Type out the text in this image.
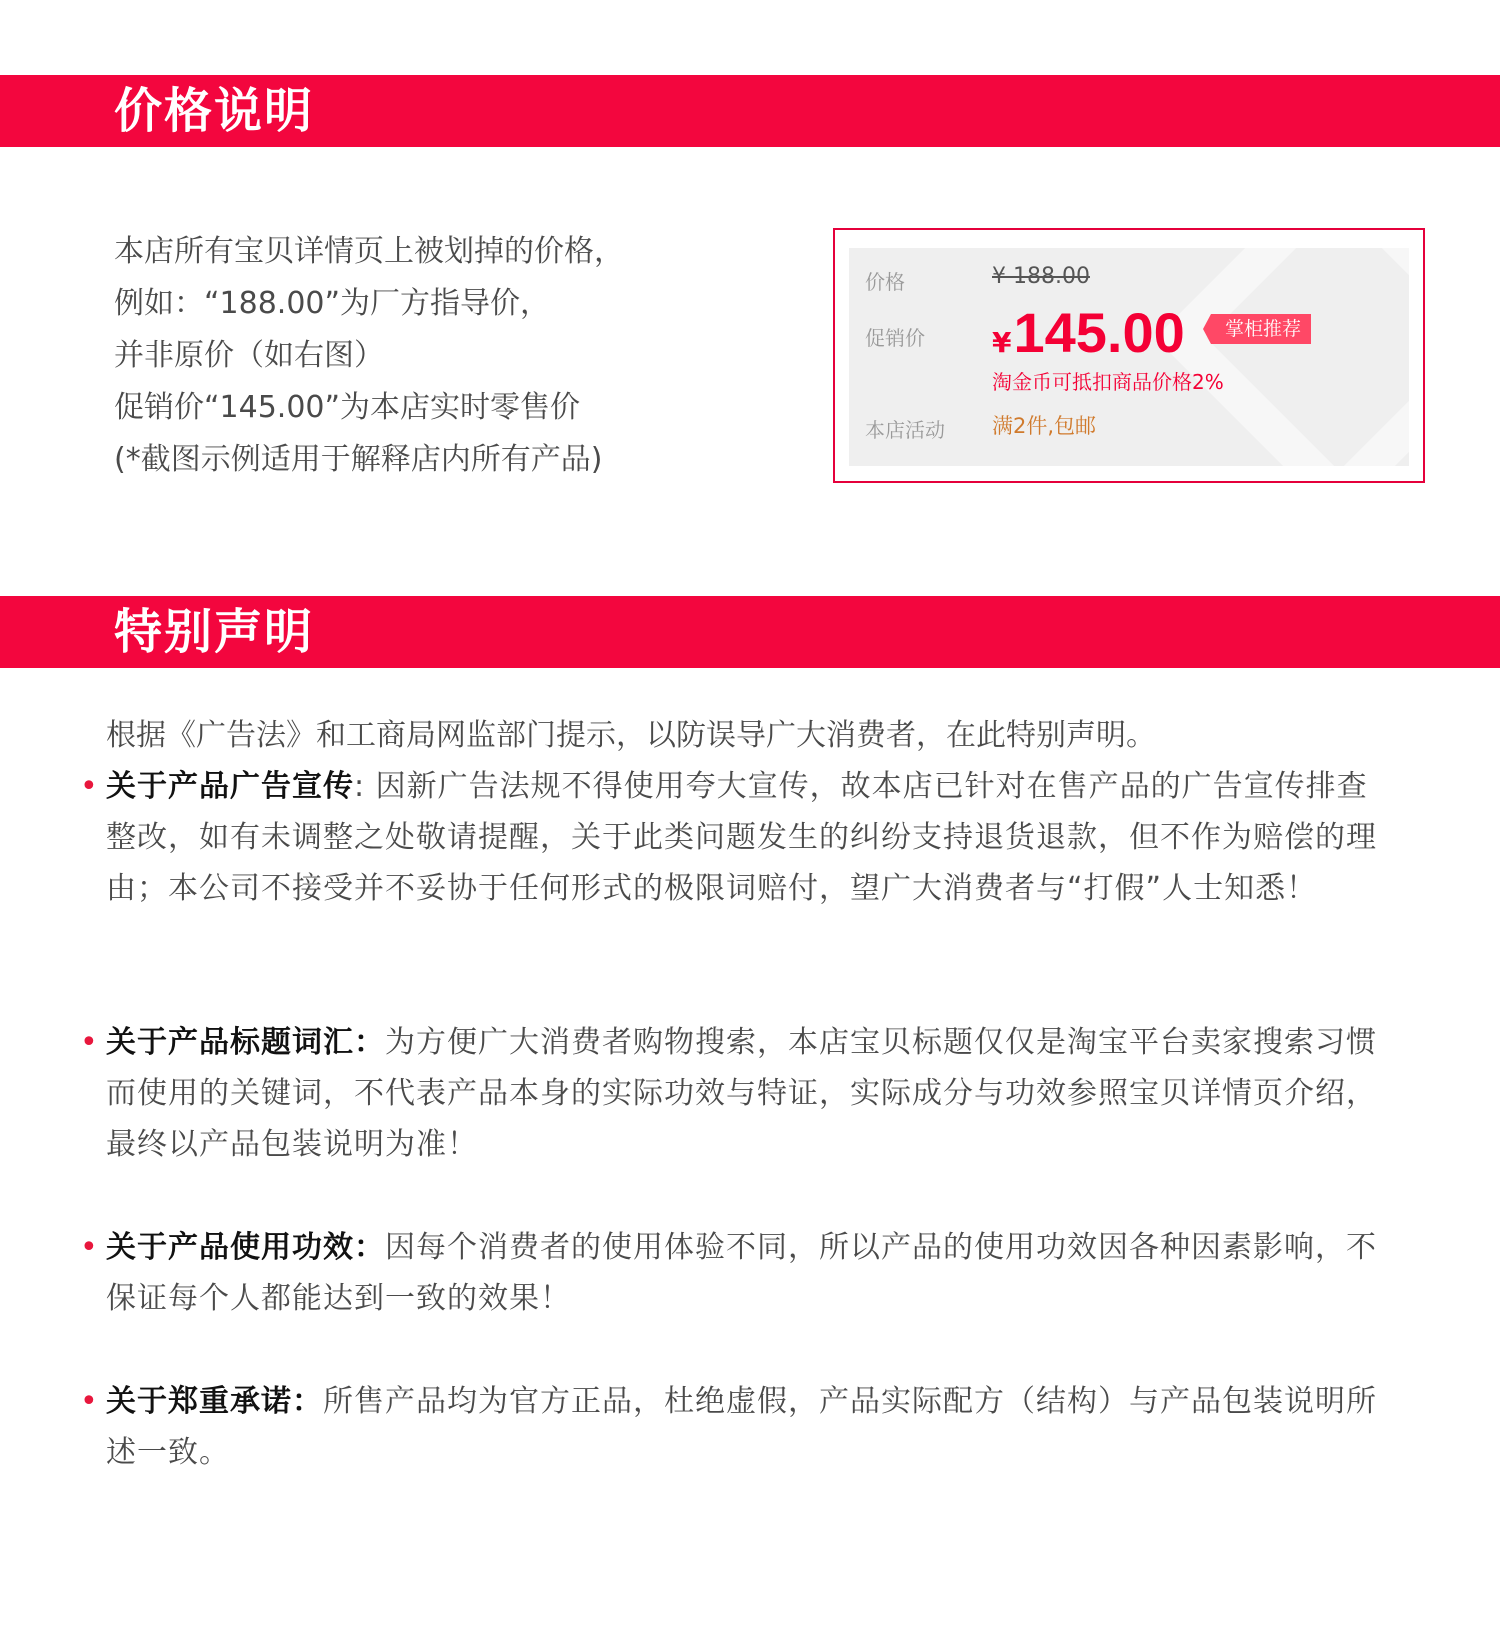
价格说明

本店所有宝贝详情页上被划掉的价格，

例如：“188.00”为厂方指导价，

并非原价（如右图）

促销价“145.00”为本店实时零售价

(*截图示例适用于解释店内所有产品)

价格	¥ 188.00
促销价 ¥145.00	掌柜推荐
淘金币可抵扣商品价格2%
本店活动 满2件,包邮
特别声明

根据《广告法》和工商局网监部门提示，以防误导广大消费者，在此特别声明。

• 关于产品广告宣传: 因新广告法规不得使用夸大宣传，故本店已针对在售产品的广告宣传排查整改，如有未调整之处敬请提醒，关于此类问题发生的纠纷支持退货退款，但不作为赔偿的理由；本公司不接受并不妥协于任何形式的极限词赔付，望广大消费者与“打假”人士知悉！

• 关于产品标题词汇：为方便广大消费者购物搜索，本店宝贝标题仅仅是淘宝平台卖家搜索习惯而使用的关键词，不代表产品本身的实际功效与特证，实际成分与功效参照宝贝详情页介绍，最终以产品包装说明为准！

• 关于产品使用功效：因每个消费者的使用体验不同，所以产品的使用功效因各种因素影响，不保证每个人都能达到一致的效果！

• 关于郑重承诺：所售产品均为官方正品，杜绝虚假，产品实际配方（结构）与产品包装说明所述一致。
